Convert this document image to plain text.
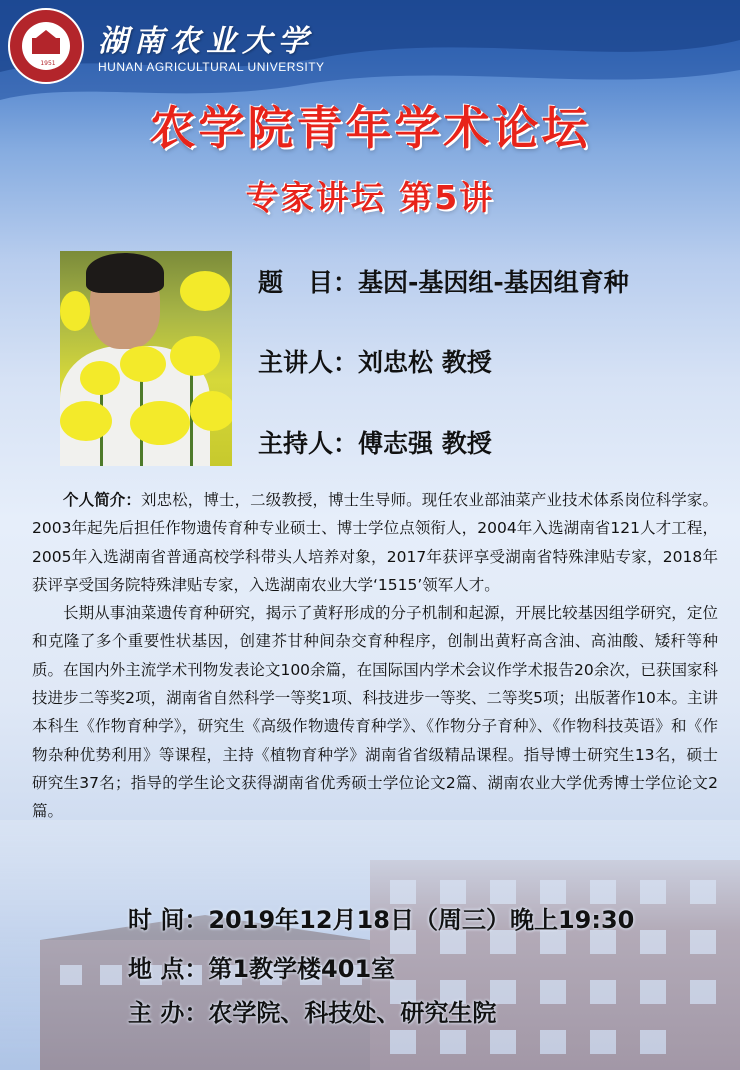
1951
湖南农业大学
HUNAN AGRICULTURAL UNIVERSITY
农学院青年学术论坛
专家讲坛 第5讲
题　目：基因-基因组-基因组育种
主讲人：刘忠松 教授
主持人：傅志强 教授

个人简介：刘忠松，博士，二级教授，博士生导师。现任农业部油菜产业技术体系岗位科学家。2003年起先后担任作物遗传育种专业硕士、博士学位点领衔人，2004年入选湖南省121人才工程，2005年入选湖南省普通高校学科带头人培养对象，2017年获评享受湖南省特殊津贴专家，2018年获评享受国务院特殊津贴专家，入选湖南农业大学‘1515’领军人才。

长期从事油菜遗传育种研究，揭示了黄籽形成的分子机制和起源，开展比较基因组学研究，定位和克隆了多个重要性状基因，创建芥甘种间杂交育种程序，创制出黄籽高含油、高油酸、矮秆等种质。在国内外主流学术刊物发表论文100余篇，在国际国内学术会议作学术报告20余次，已获国家科技进步二等奖2项，湖南省自然科学一等奖1项、科技进步一等奖、二等奖5项；出版著作10本。主讲本科生《作物育种学》，研究生《高级作物遗传育种学》、《作物分子育种》、《作物科技英语》和《作物杂种优势利用》等课程，主持《植物育种学》湖南省省级精品课程。指导博士研究生13名，硕士研究生37名；指导的学生论文获得湖南省优秀硕士学位论文2篇、湖南农业大学优秀博士学位论文2篇。

时 间：2019年12月18日（周三）晚上19:30
地 点：第1教学楼401室
主 办：农学院、科技处、研究生院
